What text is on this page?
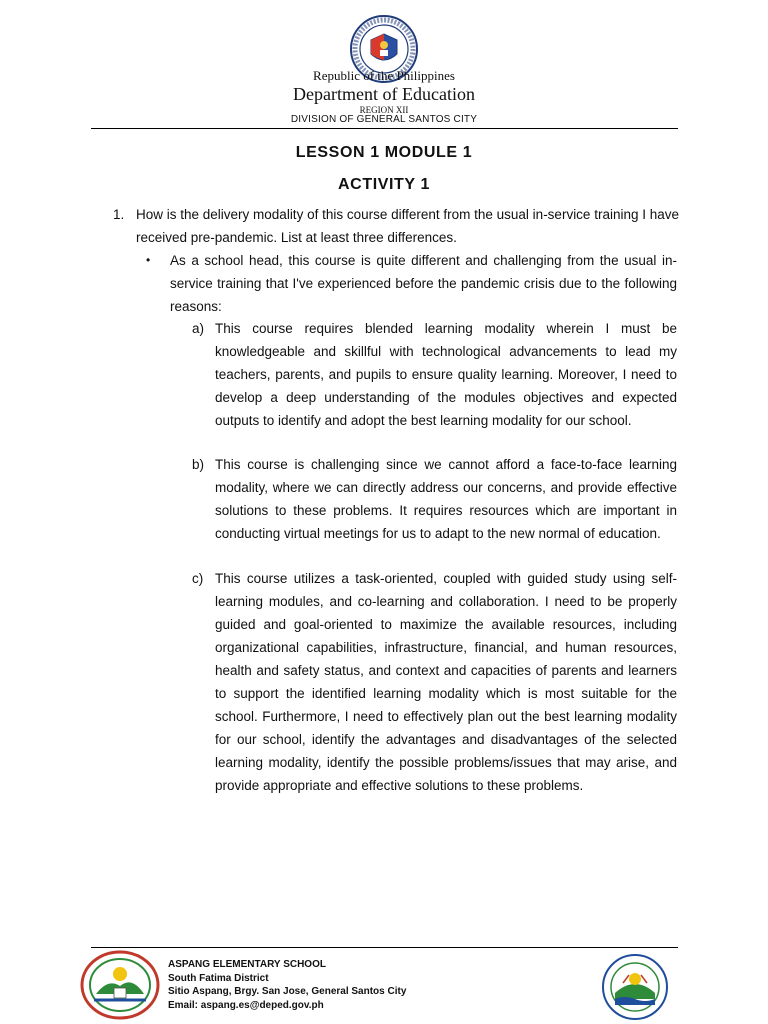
Republic of the Philippines
Department of Education
REGION XII
DIVISION OF GENERAL SANTOS CITY
LESSON 1 MODULE 1
ACTIVITY 1
1. How is the delivery modality of this course different from the usual in-service training I have received pre-pandemic. List at least three differences.
• As a school head, this course is quite different and challenging from the usual in-service training that I've experienced before the pandemic crisis due to the following reasons:
a) This course requires blended learning modality wherein I must be knowledgeable and skillful with technological advancements to lead my teachers, parents, and pupils to ensure quality learning. Moreover, I need to develop a deep understanding of the modules objectives and expected outputs to identify and adopt the best learning modality for our school.
b) This course is challenging since we cannot afford a face-to-face learning modality, where we can directly address our concerns, and provide effective solutions to these problems. It requires resources which are important in conducting virtual meetings for us to adapt to the new normal of education.
c) This course utilizes a task-oriented, coupled with guided study using self-learning modules, and co-learning and collaboration. I need to be properly guided and goal-oriented to maximize the available resources, including organizational capabilities, infrastructure, financial, and human resources, health and safety status, and context and capacities of parents and learners to support the identified learning modality which is most suitable for the school. Furthermore, I need to effectively plan out the best learning modality for our school, identify the advantages and disadvantages of the selected learning modality, identify the possible problems/issues that may arise, and provide appropriate and effective solutions to these problems.
ASPANG ELEMENTARY SCHOOL
South Fatima District
Sitio Aspang, Brgy. San Jose, General Santos City
Email: aspang.es@deped.gov.ph
